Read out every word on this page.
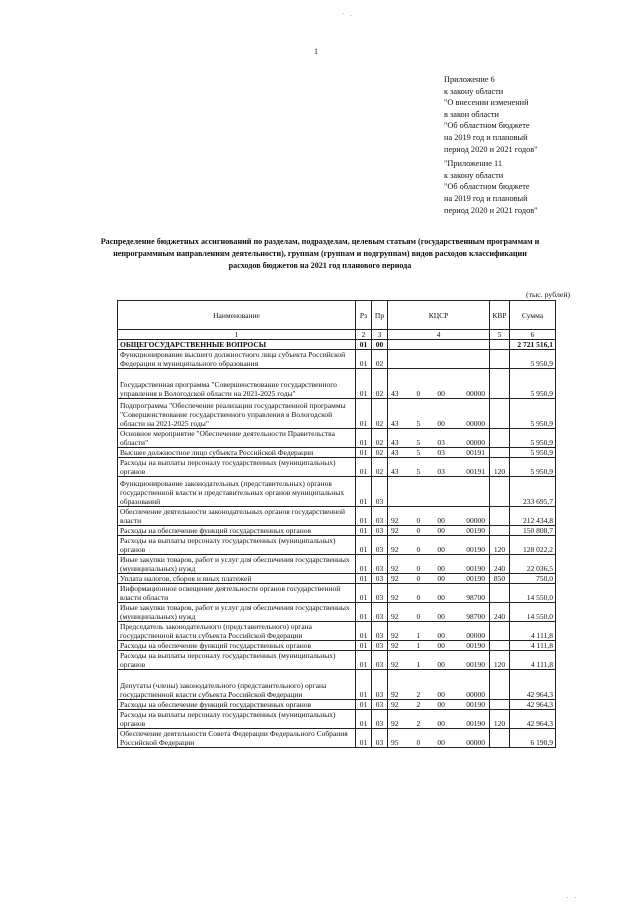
· .
· ·
1
Приложение 6
к закону области
"О внесении изменений
в закон области
"Об областном бюджете
на 2019 год и плановый
период 2020 и 2021 годов"
"Приложение 11
к закону области
"Об областном бюджете
на 2019 год и плановый
период 2020 и 2021 годов"
Распределение бюджетных ассигнований по разделам, подразделам, целевым статьям (государственным программам и непрограммным направлениям деятельности), группам (группам и подгруппам) видов расходов классификации расходов бюджетов на 2021 год планового периода
(тыс. рублей)
Наименование	Рз	Пр	КЦСР	КВР	Сумма
1	2	3	4	5	6
ОБЩЕГОСУДАРСТВЕННЫЕ ВОПРОСЫ	01	00			2 721 516,1
Функционирование высшего должностного лица субъекта Российской Федерации и муниципального образования	01	02			5 950,9
Государственная программа "Совершенствование государственного управления в Вологодской области на 2021-2025 годы"	01	02	43 0 00 00000		5 950,9
Подпрограмма "Обеспечение реализации государственной программы "Совершенствование государственного управления в Вологодской области на 2021-2025 годы"	01	02	43 5 00 00000		5 950,9
Основное мероприятие "Обеспечение деятельности Правительства области"	01	02	43 5 03 00000		5 950,9
Высшее должностное лицо субъекта Российской Федерации	01	02	43 5 03 00191		5 950,9
Расходы на выплаты персоналу государственных (муниципальных) органов	01	02	43 5 03 00191	120	5 950,9
Функционирование законодательных (представительных) органов государственной власти и представительных органов муниципальных образований	01	03			233 695,7
Обеспечение деятельности законодательных органов государственной власти	01	03	92 0 00 00000		212 434,8
Расходы на обеспечение функций государственных органов	01	03	92 0 00 00190		150 808,7
Расходы на выплаты персоналу государственных (муниципальных) органов	01	03	92 0 00 00190	120	128 022,2
Иные закупки товаров, работ и услуг для обеспечения государственных (муниципальных) нужд	01	03	92 0 00 00190	240	22 036,5
Уплата налогов, сборов и иных платежей	01	03	92 0 00 00190	850	750,0
Информационное освещение деятельности органов государственной власти области	01	03	92 0 00 98700		14 550,0
Иные закупки товаров, работ и услуг для обеспечения государственных (муниципальных) нужд	01	03	92 0 00 98700	240	14 550,0
Председатель законодательного (представительного) органа государственной власти субъекта Российской Федерации	01	03	92 1 00 00000		4 111,8
Расходы на обеспечение функций государственных органов	01	03	92 1 00 00190		4 111,8
Расходы на выплаты персоналу государственных (муниципальных) органов	01	03	92 1 00 00190	120	4 111,8
Депутаты (члены) законодательного (представительного) органа государственной власти субъекта Российской Федерации	01	03	92 2 00 00000		42 964,3
Расходы на обеспечение функций государственных органов	01	03	92 2 00 00190		42 964,3
Расходы на выплаты персоналу государственных (муниципальных) органов	01	03	92 2 00 00190	120	42 964,3
Обеспечение деятельности Совета Федерации Федерального Собрания Российской Федерации	01	03	95 0 00 00000		6 190,9
